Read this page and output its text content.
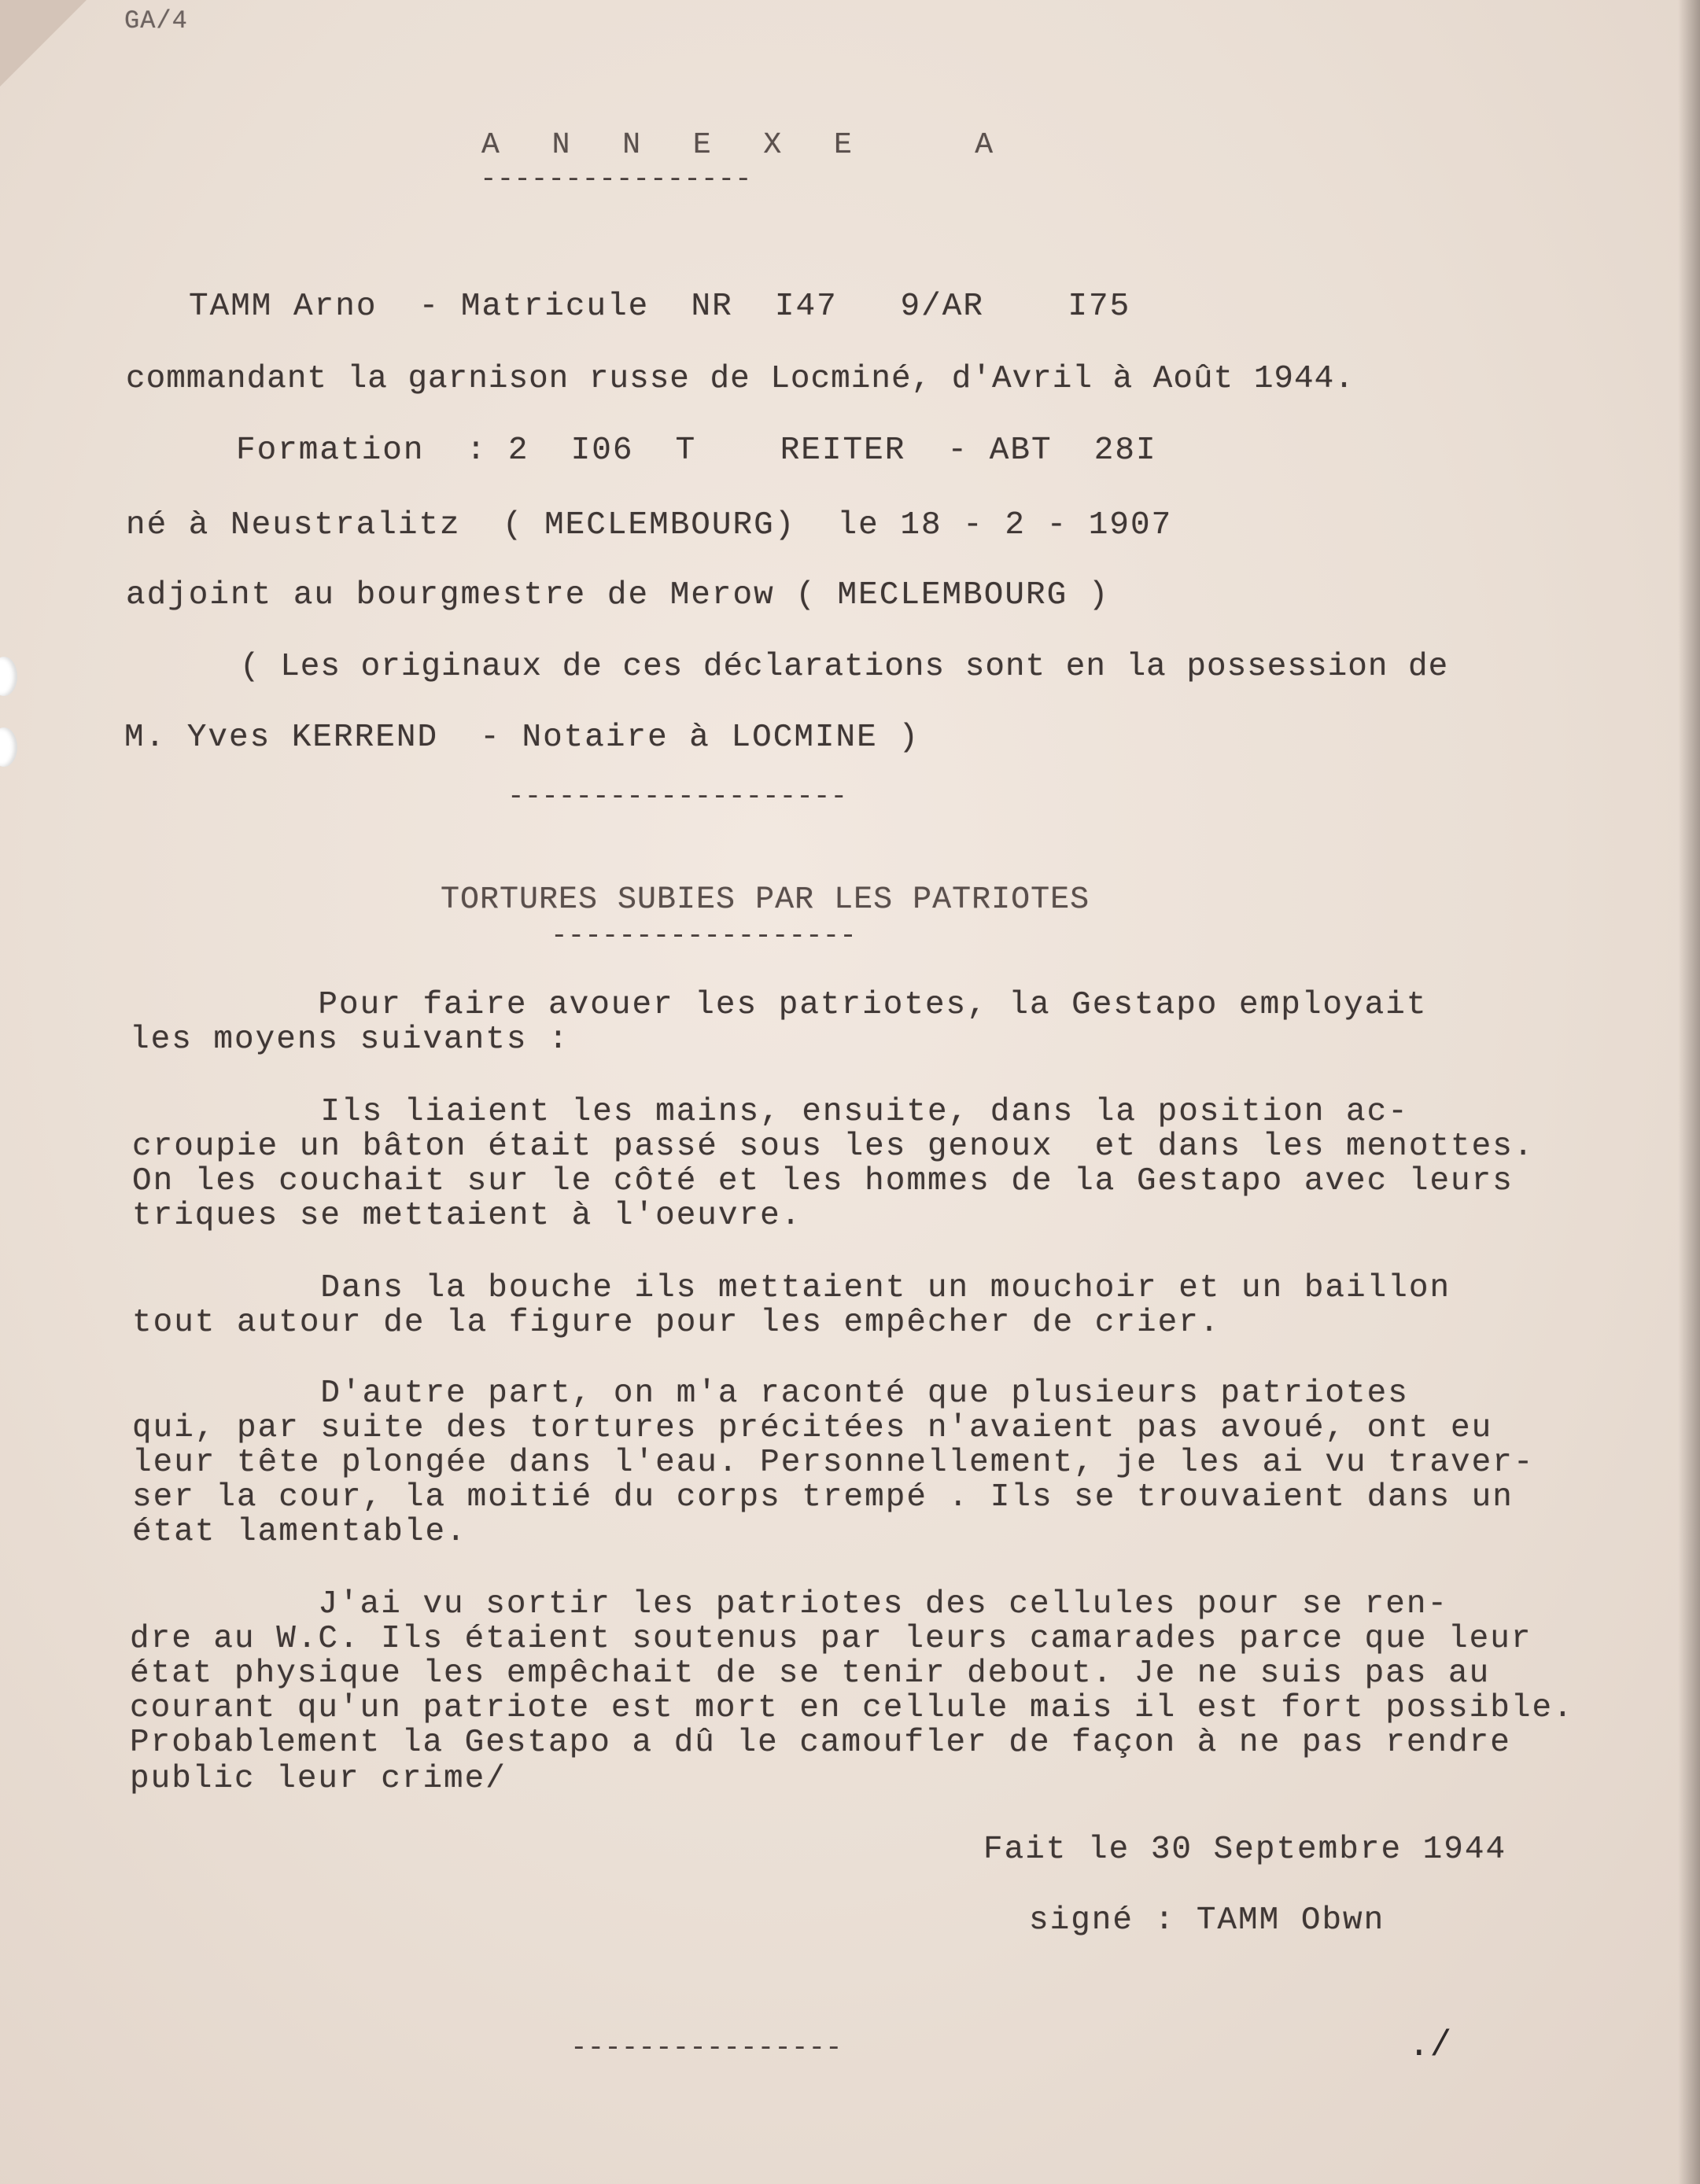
GA/4
A N N E X E   A
----------------
TAMM Arno  - Matricule  NR  I47   9/AR    I75
commandant la garnison russe de Locminé, d'Avril à Août 1944.
Formation  : 2  I06  T    REITER  - ABT  28I
né à Neustralitz  ( MECLEMBOURG)  le 18 - 2 - 1907
adjoint au bourgmestre de Merow ( MECLEMBOURG )
( Les originaux de ces déclarations sont en la possession de
M. Yves KERREND  - Notaire à LOCMINE )
--------------------
TORTURES SUBIES PAR LES PATRIOTES
------------------
Pour faire avouer les patriotes, la Gestapo employait
les moyens suivants :
Ils liaient les mains, ensuite, dans la position ac-
croupie un bâton était passé sous les genoux  et dans les menottes.
On les couchait sur le côté et les hommes de la Gestapo avec leurs
triques se mettaient à l'oeuvre.
Dans la bouche ils mettaient un mouchoir et un baillon
tout autour de la figure pour les empêcher de crier.
D'autre part, on m'a raconté que plusieurs patriotes
qui, par suite des tortures précitées n'avaient pas avoué, ont eu
leur tête plongée dans l'eau. Personnellement, je les ai vu traver-
ser la cour, la moitié du corps trempé . Ils se trouvaient dans un
état lamentable.
J'ai vu sortir les patriotes des cellules pour se ren-
dre au W.C. Ils étaient soutenus par leurs camarades parce que leur
état physique les empêchait de se tenir debout. Je ne suis pas au
courant qu'un patriote est mort en cellule mais il est fort possible.
Probablement la Gestapo a dû le camoufler de façon à ne pas rendre
public leur crime/
Fait le 30 Septembre 1944
signé : TAMM Obwn
----------------	./
